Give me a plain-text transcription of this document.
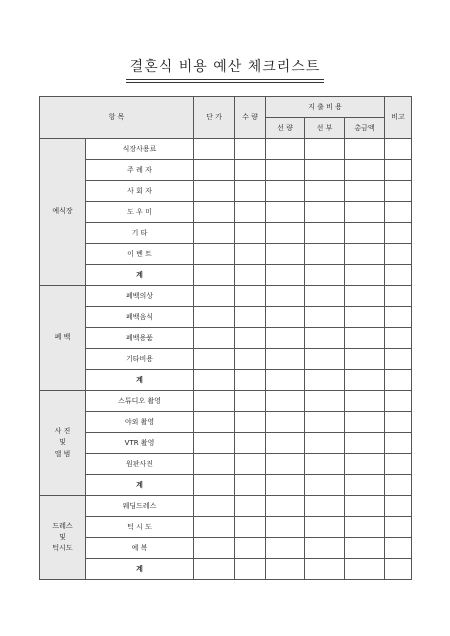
결혼식 비용 예산 체크리스트
항 목		단 가	수 량	지 출 비 용			비고
				선 량	선 부	총금액	
예식장	식장사용료						
	주 례 자						
	사 회 자						
	도 우 미						
	기 타						
	이 벤 트						
	계						
폐 백	폐백의상						
	폐백음식						
	폐백용품						
	기타비용						
	계						
사 진
및
앨 범	스튜디오 촬영						
	야외 촬영						
	VTR 촬영						
	원판사진						
	계						
드레스
및
턱시도	웨딩드레스						
	턱 시 도						
	예 복						
	계						
